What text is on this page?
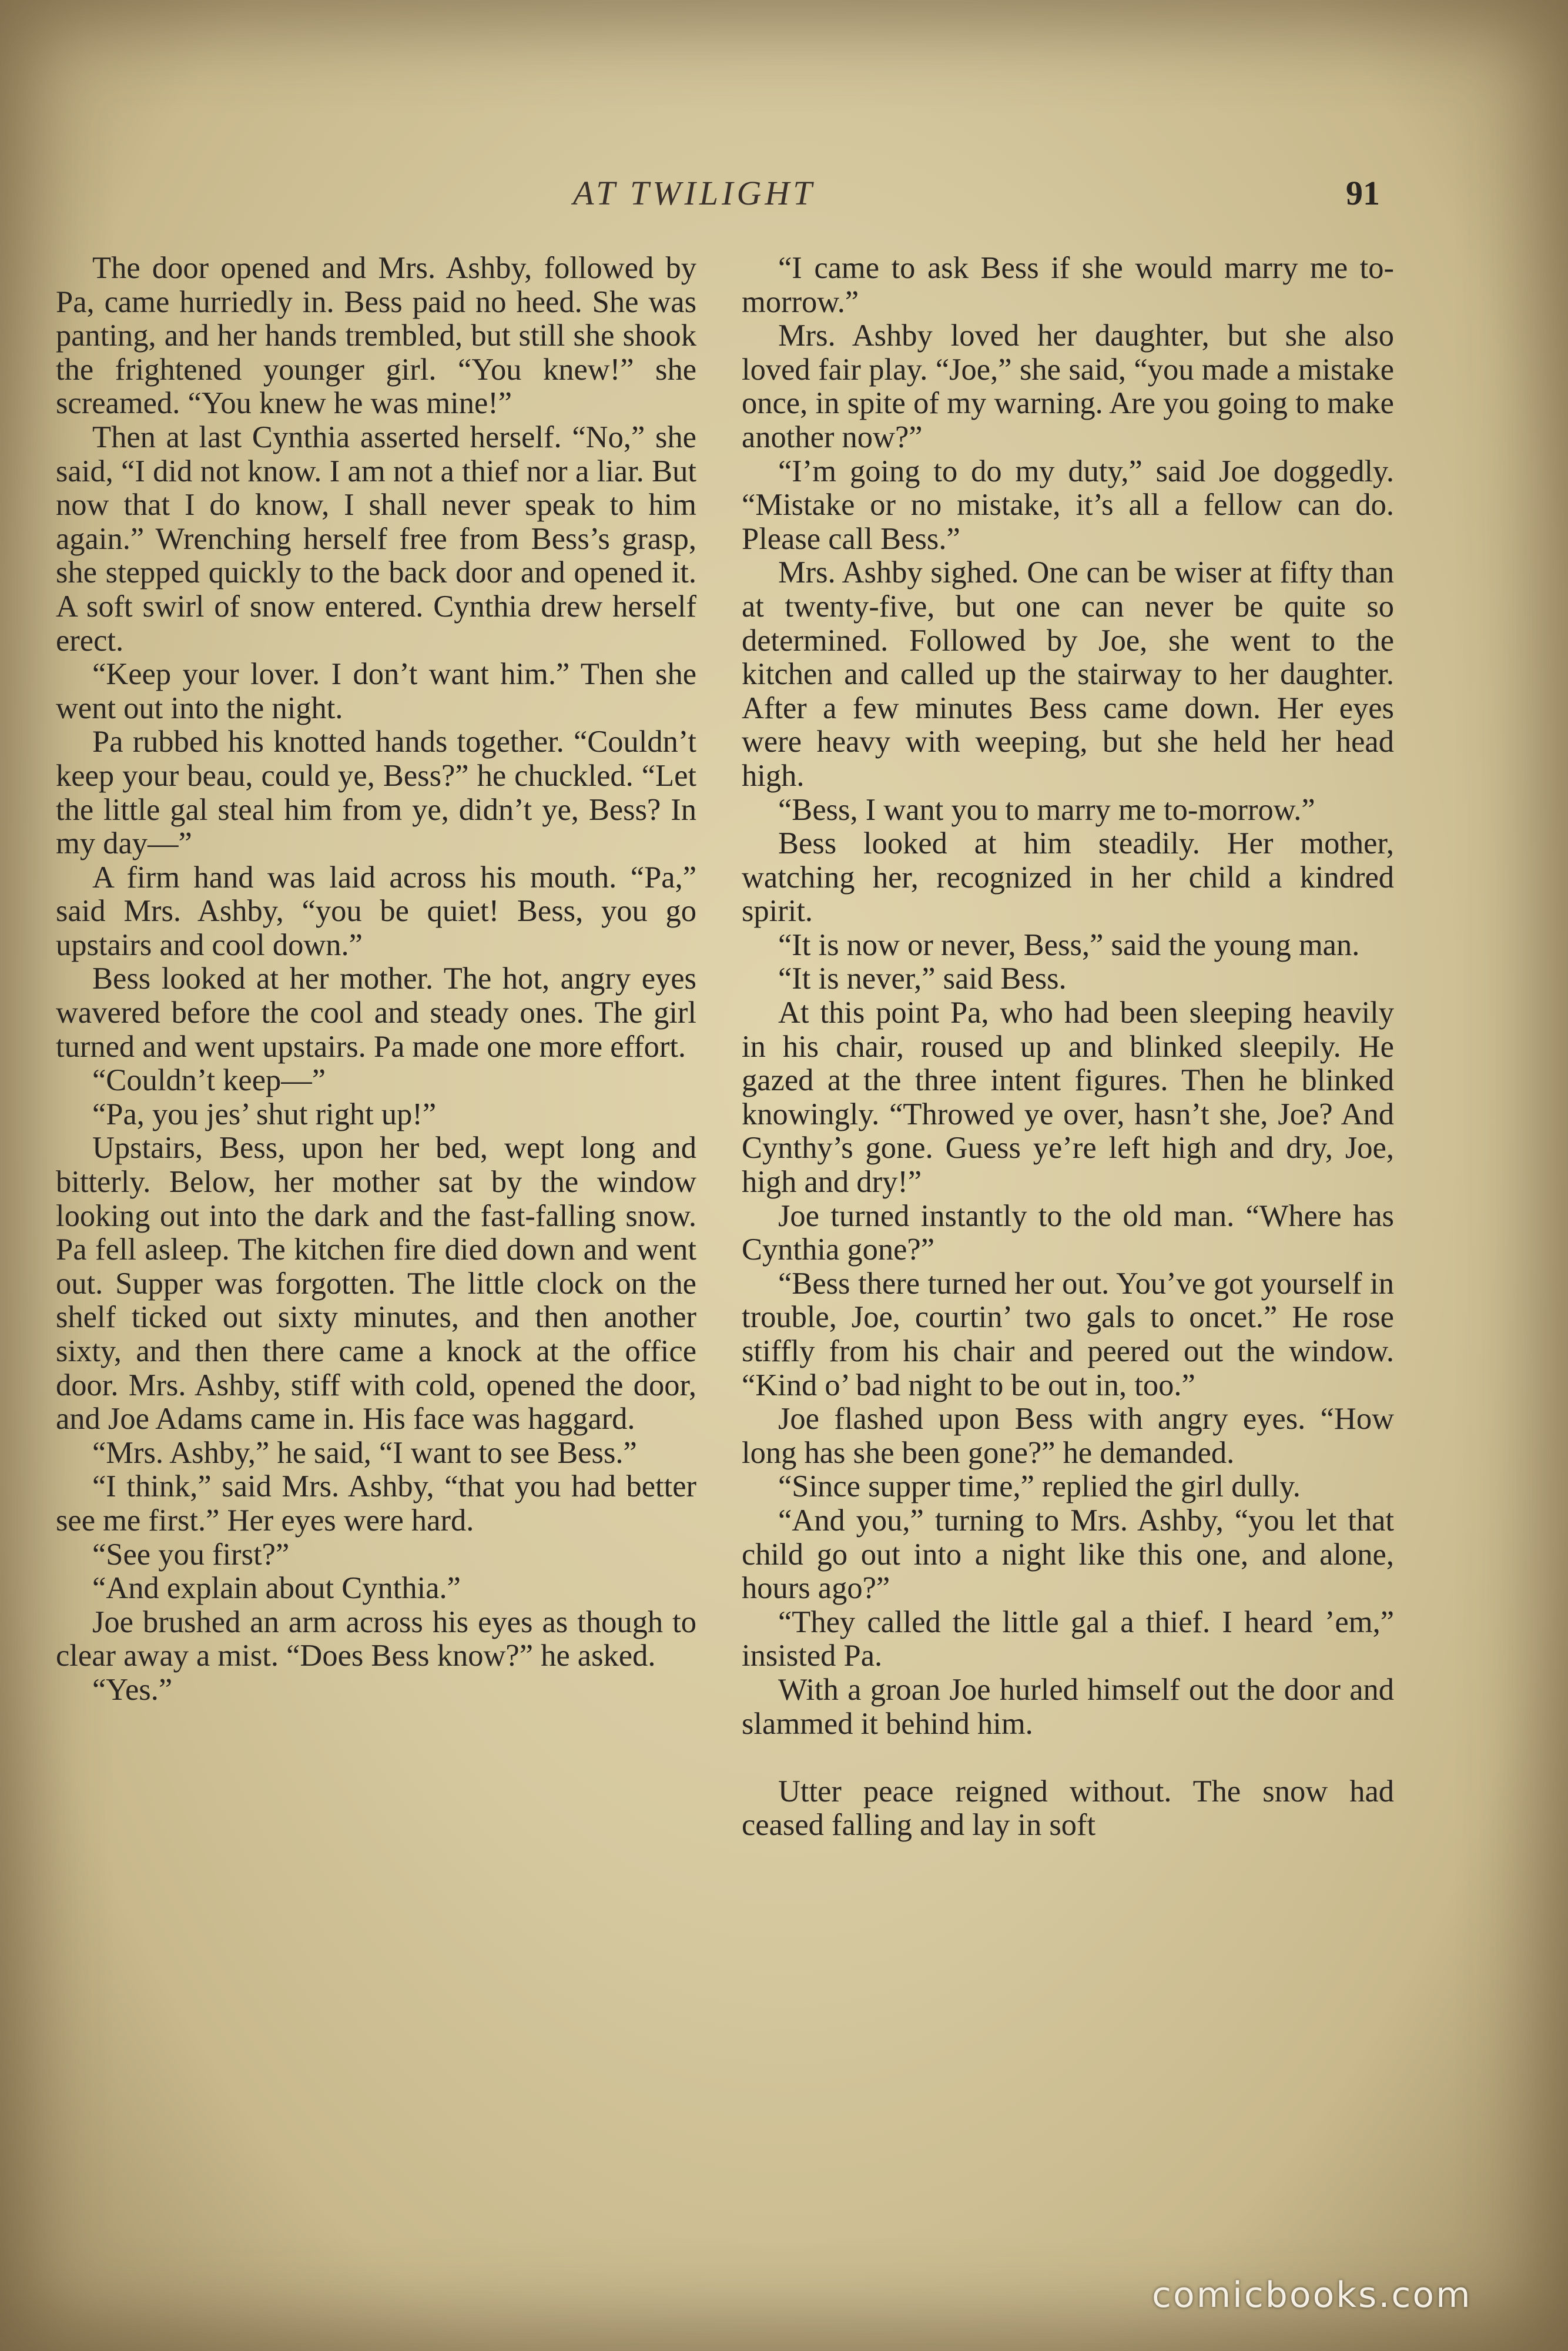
AT TWILIGHT	91

The door opened and Mrs. Ashby, followed by Pa, came hurriedly in. Bess paid no heed. She was panting, and her hands trembled, but still she shook the frightened younger girl. “You knew!” she screamed. “You knew he was mine!”

Then at last Cynthia asserted herself. “No,” she said, “I did not know. I am not a thief nor a liar. But now that I do know, I shall never speak to him again.” Wrenching herself free from Bess’s grasp, she stepped quickly to the back door and opened it. A soft swirl of snow entered. Cynthia drew herself erect.

“Keep your lover. I don’t want him.” Then she went out into the night.

Pa rubbed his knotted hands together. “Couldn’t keep your beau, could ye, Bess?” he chuckled. “Let the little gal steal him from ye, didn’t ye, Bess? In my day—”

A firm hand was laid across his mouth. “Pa,” said Mrs. Ashby, “you be quiet! Bess, you go upstairs and cool down.”

Bess looked at her mother. The hot, angry eyes wavered before the cool and steady ones. The girl turned and went upstairs. Pa made one more effort.

“Couldn’t keep—”

“Pa, you jes’ shut right up!”

Upstairs, Bess, upon her bed, wept long and bitterly. Below, her mother sat by the window looking out into the dark and the fast-falling snow. Pa fell asleep. The kitchen fire died down and went out. Supper was forgotten. The little clock on the shelf ticked out sixty minutes, and then another sixty, and then there came a knock at the office door. Mrs. Ashby, stiff with cold, opened the door, and Joe Adams came in. His face was haggard.

“Mrs. Ashby,” he said, “I want to see Bess.”

“I think,” said Mrs. Ashby, “that you had better see me first.” Her eyes were hard.

“See you first?”

“And explain about Cynthia.”

Joe brushed an arm across his eyes as though to clear away a mist. “Does Bess know?” he asked.

“Yes.”

“I came to ask Bess if she would marry me to-morrow.”

Mrs. Ashby loved her daughter, but she also loved fair play. “Joe,” she said, “you made a mistake once, in spite of my warning. Are you going to make another now?”

“I’m going to do my duty,” said Joe doggedly. “Mistake or no mistake, it’s all a fellow can do. Please call Bess.”

Mrs. Ashby sighed. One can be wiser at fifty than at twenty-five, but one can never be quite so determined. Followed by Joe, she went to the kitchen and called up the stairway to her daughter. After a few minutes Bess came down. Her eyes were heavy with weeping, but she held her head high.

“Bess, I want you to marry me to-morrow.”

Bess looked at him steadily. Her mother, watching her, recognized in her child a kindred spirit.

“It is now or never, Bess,” said the young man.

“It is never,” said Bess.

At this point Pa, who had been sleeping heavily in his chair, roused up and blinked sleepily. He gazed at the three intent figures. Then he blinked knowingly. “Throwed ye over, hasn’t she, Joe? And Cynthy’s gone. Guess ye’re left high and dry, Joe, high and dry!”

Joe turned instantly to the old man. “Where has Cynthia gone?”

“Bess there turned her out. You’ve got yourself in trouble, Joe, courtin’ two gals to oncet.” He rose stiffly from his chair and peered out the window. “Kind o’ bad night to be out in, too.”

Joe flashed upon Bess with angry eyes. “How long has she been gone?” he demanded.

“Since supper time,” replied the girl dully.

“And you,” turning to Mrs. Ashby, “you let that child go out into a night like this one, and alone, hours ago?”

“They called the little gal a thief. I heard ’em,” insisted Pa.

With a groan Joe hurled himself out the door and slammed it behind him.

Utter peace reigned without. The snow had ceased falling and lay in soft

comicbooks.com
